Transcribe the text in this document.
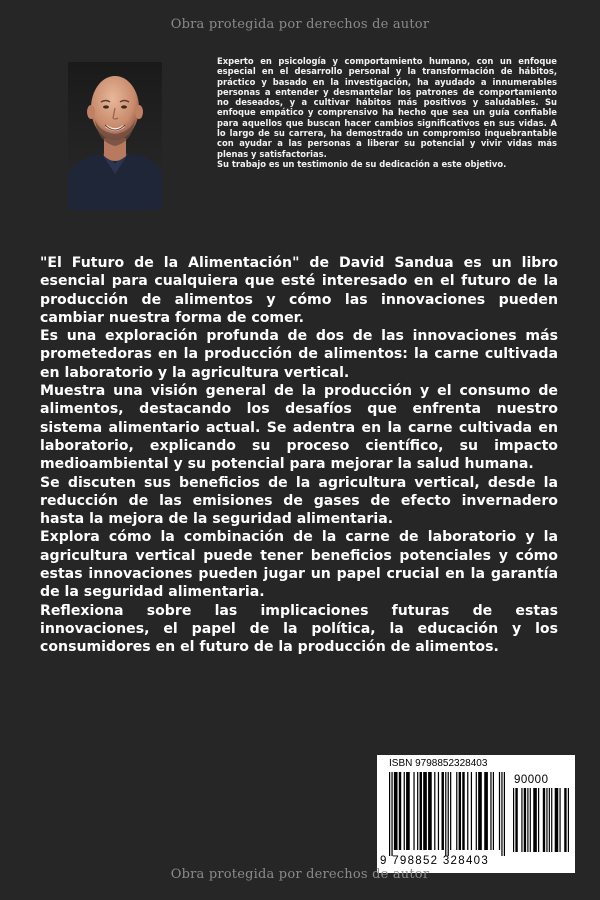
Obra protegida por derechos de autor

Experto en psicología y comportamiento humano, con un enfoque especial en el desarrollo personal y la transformación de hábitos, práctico y basado en la investigación, ha ayudado a innumerables personas a entender y desmantelar los patrones de comportamiento no deseados, y a cultivar hábitos más positivos y saludables. Su enfoque empático y comprensivo ha hecho que sea un guía confiable para aquellos que buscan hacer cambios significativos en sus vidas. A lo largo de su carrera, ha demostrado un compromiso inquebrantable con ayudar a las personas a liberar su potencial y vivir vidas más plenas y satisfactorias.

Su trabajo es un testimonio de su dedicación a este objetivo.

"El Futuro de la Alimentación" de David Sandua es un libro esencial para cualquiera que esté interesado en el futuro de la producción de alimentos y cómo las innovaciones pueden cambiar nuestra forma de comer.

Es una exploración profunda de dos de las innovaciones más prometedoras en la producción de alimentos: la carne cultivada en laboratorio y la agricultura vertical.

Muestra una visión general de la producción y el consumo de alimentos, destacando los desafíos que enfrenta nuestro sistema alimentario actual. Se adentra en la carne cultivada en laboratorio, explicando su proceso científico, su impacto medioambiental y su potencial para mejorar la salud humana.

Se discuten sus beneficios de la agricultura vertical, desde la reducción de las emisiones de gases de efecto invernadero hasta la mejora de la seguridad alimentaria.

Explora cómo la combinación de la carne de laboratorio y la agricultura vertical puede tener beneficios potenciales y cómo estas innovaciones pueden jugar un papel crucial en la garantía de la seguridad alimentaria.

Reflexiona sobre las implicaciones futuras de estas innovaciones, el papel de la política, la educación y los consumidores en el futuro de la producción de alimentos.

ISBN 9798852328403
90000
9 798852 328403
Obra protegida por derechos de autor
